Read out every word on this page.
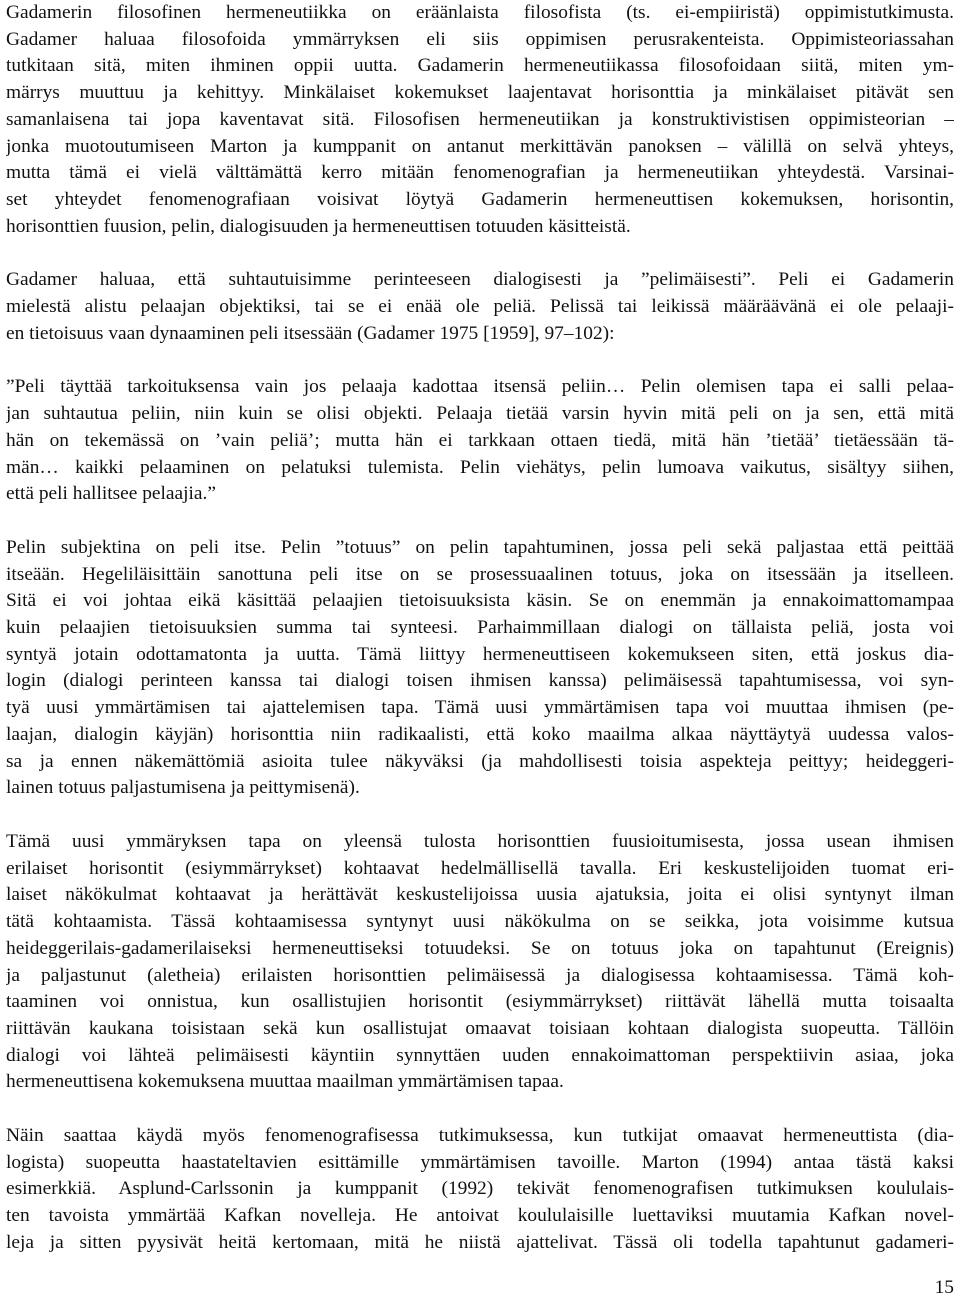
Gadamerin filosofinen hermeneutiikka on eräänlaista filosofista (ts. ei-empiiristä) oppimistutkimusta.
Gadamer haluaa filosofoida ymmärryksen eli siis oppimisen perusrakenteista. Oppimisteoriassahan
tutkitaan sitä, miten ihminen oppii uutta. Gadamerin hermeneutiikassa filosofoidaan siitä, miten ym-
märrys muuttuu ja kehittyy. Minkälaiset kokemukset laajentavat horisonttia ja minkälaiset pitävät sen
samanlaisena tai jopa kaventavat sitä. Filosofisen hermeneutiikan ja konstruktivistisen oppimisteorian –
jonka muotoutumiseen Marton ja kumppanit on antanut merkittävän panoksen – välillä on selvä yhteys,
mutta tämä ei vielä välttämättä kerro mitään fenomenografian ja hermeneutiikan yhteydestä. Varsinai-
set yhteydet fenomenografiaan voisivat löytyä Gadamerin hermeneuttisen kokemuksen, horisontin,
horisonttien fuusion, pelin, dialogisuuden ja hermeneuttisen totuuden käsitteistä.

Gadamer haluaa, että suhtautuisimme perinteeseen dialogisesti ja ”pelimäisesti”. Peli ei Gadamerin
mielestä alistu pelaajan objektiksi, tai se ei enää ole peliä. Pelissä tai leikissä määräävänä ei ole pelaaji-
en tietoisuus vaan dynaaminen peli itsessään (Gadamer 1975 [1959], 97–102):

”Peli täyttää tarkoituksensa vain jos pelaaja kadottaa itsensä peliin… Pelin olemisen tapa ei salli pelaa-
jan suhtautua peliin, niin kuin se olisi objekti. Pelaaja tietää varsin hyvin mitä peli on ja sen, että mitä
hän on tekemässä on ’vain peliä’; mutta hän ei tarkkaan ottaen tiedä, mitä hän ’tietää’ tietäessään tä-
män… kaikki pelaaminen on pelatuksi tulemista. Pelin viehätys, pelin lumoava vaikutus, sisältyy siihen,
että peli hallitsee pelaajia.”

Pelin subjektina on peli itse. Pelin ”totuus” on pelin tapahtuminen, jossa peli sekä paljastaa että peittää
itseään. Hegeliläisittäin sanottuna peli itse on se prosessuaalinen totuus, joka on itsessään ja itselleen.
Sitä ei voi johtaa eikä käsittää pelaajien tietoisuuksista käsin. Se on enemmän ja ennakoimattomampaa
kuin pelaajien tietoisuuksien summa tai synteesi. Parhaimmillaan dialogi on tällaista peliä, josta voi
syntyä jotain odottamatonta ja uutta. Tämä liittyy hermeneuttiseen kokemukseen siten, että joskus dia-
login (dialogi perinteen kanssa tai dialogi toisen ihmisen kanssa) pelimäisessä tapahtumisessa, voi syn-
tyä uusi ymmärtämisen tai ajattelemisen tapa. Tämä uusi ymmärtämisen tapa voi muuttaa ihmisen (pe-
laajan, dialogin käyjän) horisonttia niin radikaalisti, että koko maailma alkaa näyttäytyä uudessa valos-
sa ja ennen näkemättömiä asioita tulee näkyväksi (ja mahdollisesti toisia aspekteja peittyy; heideggeri-
lainen totuus paljastumisena ja peittymisenä).

Tämä uusi ymmäryksen tapa on yleensä tulosta horisonttien fuusioitumisesta, jossa usean ihmisen
erilaiset horisontit (esiymmärrykset) kohtaavat hedelmällisellä tavalla. Eri keskustelijoiden tuomat eri-
laiset näkökulmat kohtaavat ja herättävät keskustelijoissa uusia ajatuksia, joita ei olisi syntynyt ilman
tätä kohtaamista. Tässä kohtaamisessa syntynyt uusi näkökulma on se seikka, jota voisimme kutsua
heideggerilais-gadamerilaiseksi hermeneuttiseksi totuudeksi. Se on totuus joka on tapahtunut (Ereignis)
ja paljastunut (aletheia) erilaisten horisonttien pelimäisessä ja dialogisessa kohtaamisessa. Tämä koh-
taaminen voi onnistua, kun osallistujien horisontit (esiymmärrykset) riittävät lähellä mutta toisaalta
riittävän kaukana toisistaan sekä kun osallistujat omaavat toisiaan kohtaan dialogista suopeutta. Tällöin
dialogi voi lähteä pelimäisesti käyntiin synnyttäen uuden ennakoimattoman perspektiivin asiaa, joka
hermeneuttisena kokemuksena muuttaa maailman ymmärtämisen tapaa.

Näin saattaa käydä myös fenomenografisessa tutkimuksessa, kun tutkijat omaavat hermeneuttista (dia-
logista) suopeutta haastateltavien esittämille ymmärtämisen tavoille. Marton (1994) antaa tästä kaksi
esimerkkiä. Asplund-Carlssonin ja kumppanit (1992) tekivät fenomenografisen tutkimuksen koululais-
ten tavoista ymmärtää Kafkan novelleja. He antoivat koululaisille luettaviksi muutamia Kafkan novel-
leja ja sitten pyysivät heitä kertomaan, mitä he niistä ajattelivat. Tässä oli todella tapahtunut gadameri-

15
